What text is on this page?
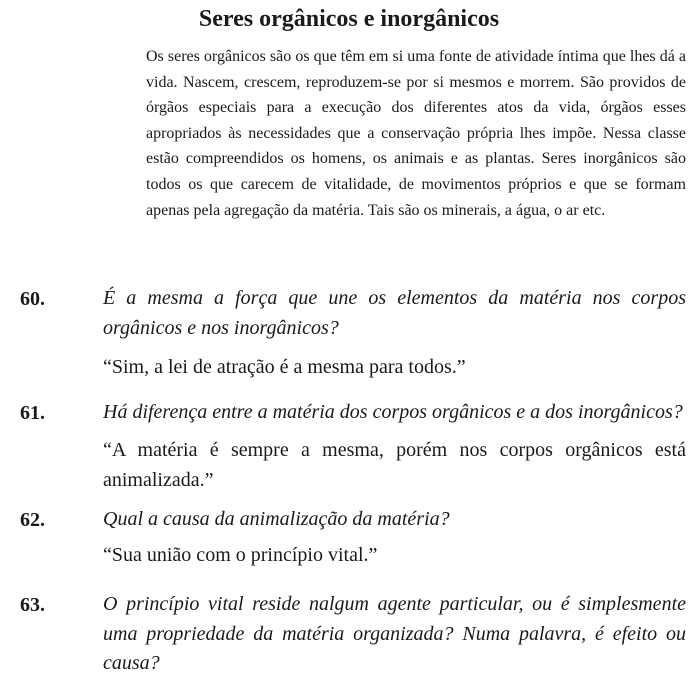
Seres orgânicos e inorgânicos

Os seres orgânicos são os que têm em si uma fonte de atividade íntima que lhes dá a vida. Nascem, crescem, reproduzem-se por si mesmos e morrem. São providos de órgãos especiais para a execução dos diferentes atos da vida, órgãos esses apropriados às necessidades que a conservação própria lhes impõe. Nessa classe estão compreendidos os homens, os animais e as plantas. Seres inorgânicos são todos os que carecem de vitalidade, de movimentos próprios e que se formam apenas pela agregação da matéria. Tais são os minerais, a água, o ar etc.

60.	É a mesma a força que une os elementos da matéria nos corpos orgânicos e nos inorgânicos?

“Sim, a lei de atração é a mesma para todos.”

61.	Há diferença entre a matéria dos corpos orgânicos e a dos inorgânicos?

“A matéria é sempre a mesma, porém nos corpos orgânicos está animalizada.”

62.	Qual a causa da animalização da matéria?

“Sua união com o princípio vital.”

63.	O princípio vital reside nalgum agente particular, ou é simplesmente uma propriedade da matéria organizada? Numa palavra, é efeito ou causa?
